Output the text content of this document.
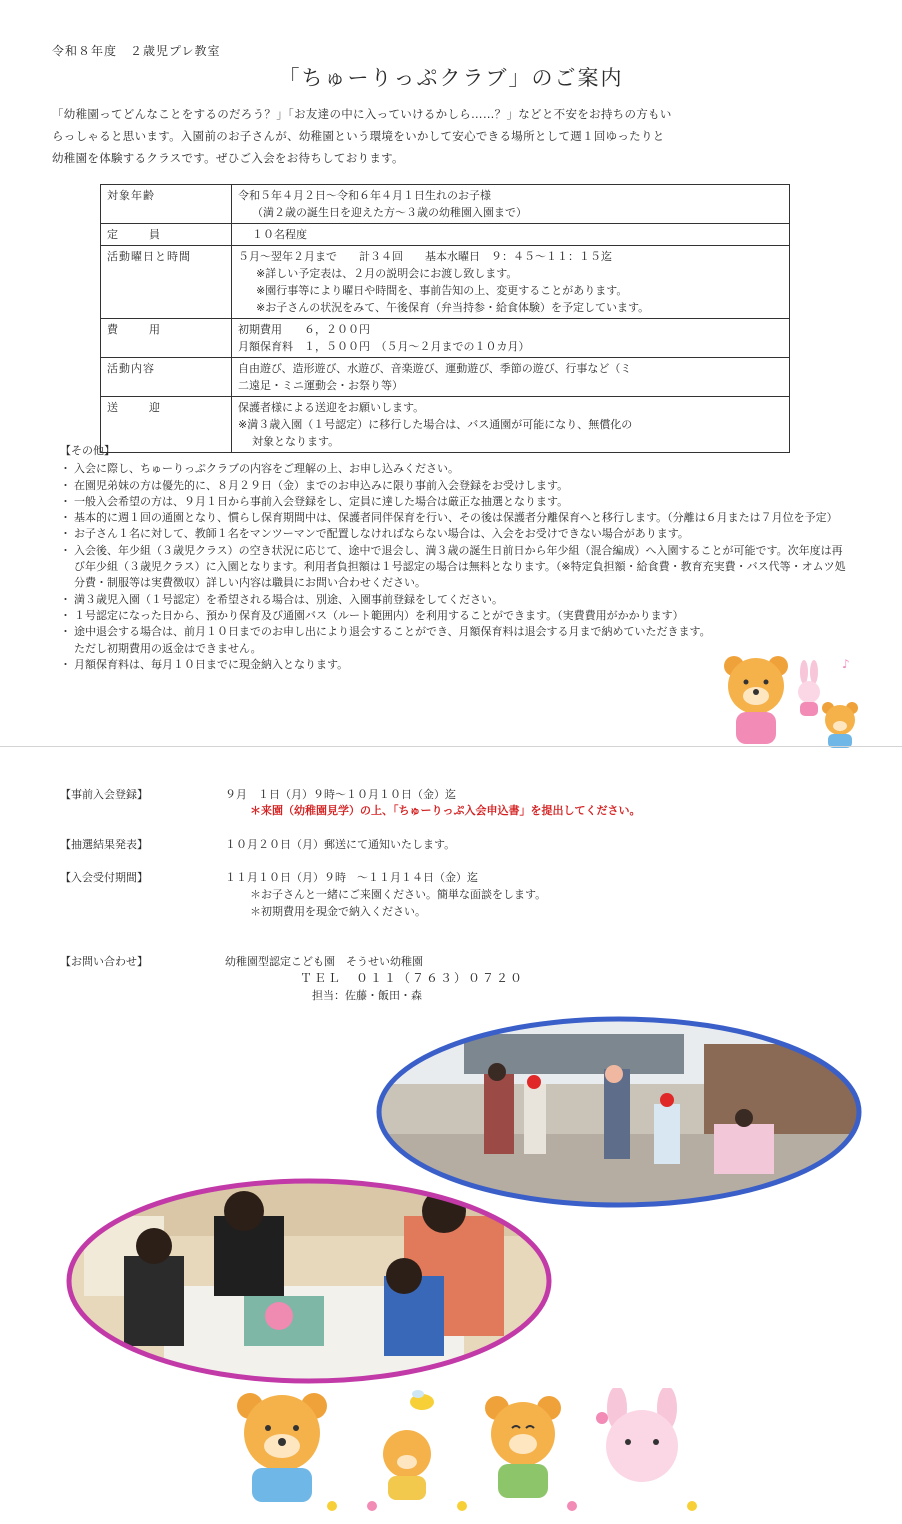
令和８年度　２歳児プレ教室
「ちゅーりっぷクラブ」のご案内

「幼稚園ってどんなことをするのだろう？」「お友達の中に入っていけるかしら……？」などと不安をお持ちの方もい

らっしゃると思います。入園前のお子さんが、幼稚園という環境をいかして安心できる場所として週１回ゆったりと

幼稚園を体験するクラスです。ぜひご入会をお待ちしております。

対象年齢	令和５年４月２日～令和６年４月１日生れのお子様
（満２歳の誕生日を迎えた方～３歳の幼稚園入園まで）

定　員	１０名程度

活動曜日と時間	５月～翌年２月まで　　計３４回　　基本水曜日　９：４５～１１：１５迄
※詳しい予定表は、２月の説明会にお渡し致します。
※園行事等により曜日や時間を、事前告知の上、変更することがあります。
※お子さんの状況をみて、午後保育（弁当持参・給食体験）を予定しています。

費　用	初期費用　　６，２００円
月額保育料　１，５００円　（５月～２月までの１０カ月）

活動内容	自由遊び、造形遊び、水遊び、音楽遊び、運動遊び、季節の遊び、行事など（ミ
二遠足・ミニ運動会・お祭り等）

送　迎	保護者様による送迎をお願いします。
※満３歳入園（１号認定）に移行した場合は、バス通園が可能になり、無償化の
対象となります。

【その他】

・ 入会に際し、ちゅーりっぷクラブの内容をご理解の上、お申し込みください。
・ 在園児弟妹の方は優先的に、８月２９日（金）までのお申込みに限り事前入会登録をお受けします。
・ 一般入会希望の方は、９月１日から事前入会登録をし、定員に達した場合は厳正な抽選となります。
・ 基本的に週１回の通園となり、慣らし保育期間中は、保護者同伴保育を行い、その後は保護者分離保育へと移行します。（分離は６月または７月位を予定）
・ お子さん１名に対して、教師１名をマンツーマンで配置しなければならない場合は、入会をお受けできない場合があります。
・ 入会後、年少組（３歳児クラス）の空き状況に応じて、途中で退会し、満３歳の誕生日前日から年少組（混合編成）へ入園することが可能です。次年度は再び年少組（３歳児クラス）に入園となります。利用者負担額は１号認定の場合は無料となります。（※特定負担額・給食費・教育充実費・バス代等・オムツ処分費・制服等は実費徴収）詳しい内容は職員にお問い合わせください。
・ 満３歳児入園（１号認定）を希望される場合は、別途、入園事前登録をしてください。
・ １号認定になった日から、預かり保育及び通園バス（ルート範囲内）を利用することができます。（実費費用がかかります）
・ 途中退会する場合は、前月１０日までのお申し出により退会することができ、月額保育料は退会する月まで納めていただきます。ただし初期費用の返金はできません。
・ 月額保育料は、毎月１０日までに現金納入となります。	♪
【事前入会登録】	９月　１日（月）９時～１０月１０日（金）迄
＊来園（幼稚園見学）の上、「ちゅーりっぷ入会申込書」を提出してください。
【抽選結果発表】	１０月２０日（月）郵送にて通知いたします。
【入会受付期間】	１１月１０日（月）９時　～１１月１４日（金）迄
＊お子さんと一緒にご来園ください。簡単な面談をします。
＊初期費用を現金で納入ください。
【お問い合わせ】	幼稚園型認定こども園　そうせい幼稚園
ＴＥＬ　０１１（７６３）０７２０
担当：佐藤・飯田・森
